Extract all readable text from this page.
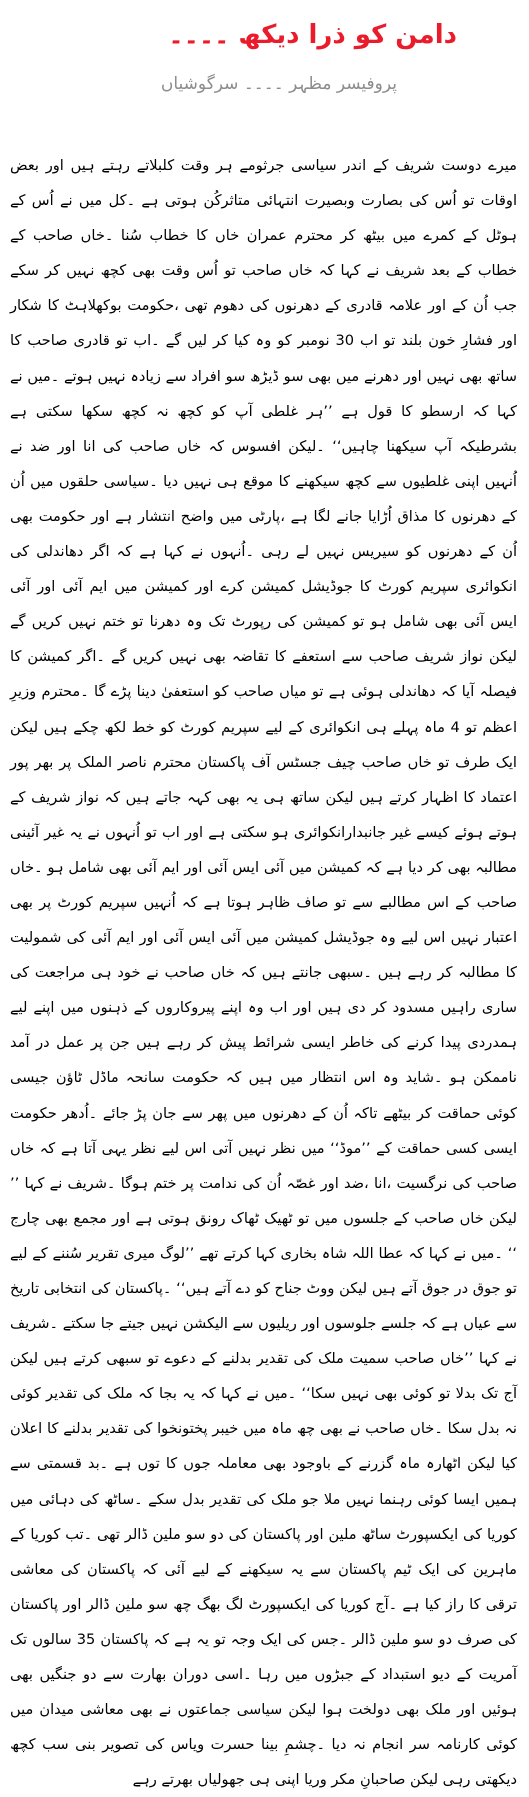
دامن کو ذرا دیکھ ۔۔۔۔
پروفیسر مظہر ۔۔۔۔ سرگوشیاں
میرے دوست شریف کے اندر سیاسی جرثومے ہر وقت کلبلاتے رہتے ہیں اور بعض اوقات تو اُس کی بصارت وبصیرت انتہائی متاثرکُن ہوتی ہے ۔کل میں نے اُس کے ہوٹل کے کمرے میں بیٹھ کر محترم عمران خاں کا خطاب سُنا ۔خاں صاحب کے خطاب کے بعد شریف نے کہا کہ خاں صاحب تو اُس وقت بھی کچھ نہیں کر سکے جب اُن کے اور علامہ قادری کے دھرنوں کی دھوم تھی ،حکومت بوکھلاہٹ کا شکار اور فشارِ خون بلند تو اب 30 نومبر کو وہ کیا کر لیں گے ۔اب تو قادری صاحب کا ساتھ بھی نہیں اور دھرنے میں بھی سو ڈیڑھ سو افراد سے زیادہ نہیں ہوتے ۔میں نے کہا کہ ارسطو کا قول ہے ’’ہر غلطی آپ کو کچھ نہ کچھ سکھا سکتی ہے بشرطیکہ آپ سیکھنا چاہیں‘‘ ۔لیکن افسوس کہ خاں صاحب کی انا اور ضد نے اُنہیں اپنی غلطیوں سے کچھ سیکھنے کا موقع ہی نہیں دیا ۔سیاسی حلقوں میں اُن کے دھرنوں کا مذاق اُڑایا جانے لگا ہے ،پارٹی میں واضح انتشار ہے اور حکومت بھی اُن کے دھرنوں کو سیریس نہیں لے رہی ۔اُنہوں نے کہا ہے کہ اگر دھاندلی کی انکوائری سپریم کورٹ کا جوڈیشل کمیشن کرے اور کمیشن میں ایم آئی اور آئی ایس آئی بھی شامل ہو تو کمیشن کی رپورٹ تک وہ دھرنا تو ختم نہیں کریں گے لیکن نواز شریف صاحب سے استعفے کا تقاضہ بھی نہیں کریں گے ۔اگر کمیشن کا فیصلہ آیا کہ دھاندلی ہوئی ہے تو میاں صاحب کو استعفیٰ دینا پڑے گا ۔محترم وزیرِ اعظم تو 4 ماہ پہلے ہی انکوائری کے لیے سپریم کورٹ کو خط لکھ چکے ہیں لیکن ایک طرف تو خاں صاحب چیف جسٹس آف پاکستان محترم ناصر الملک پر بھر پور اعتماد کا اظہار کرتے ہیں لیکن ساتھ ہی یہ بھی کہہ جاتے ہیں کہ نواز شریف کے ہوتے ہوئے کیسے غیر جانبدارانکوائری ہو سکتی ہے اور اب تو اُنہوں نے یہ غیر آئینی مطالبہ بھی کر دیا ہے کہ کمیشن میں آئی ایس آئی اور ایم آئی بھی شامل ہو ۔خاں صاحب کے اس مطالبے سے تو صاف ظاہر ہوتا ہے کہ اُنہیں سپریم کورٹ پر بھی اعتبار نہیں اس لیے وہ جوڈیشل کمیشن میں آئی ایس آئی اور ایم آئی کی شمولیت کا مطالبہ کر رہے ہیں ۔سبھی جانتے ہیں کہ خاں صاحب نے خود ہی مراجعت کی ساری راہیں مسدود کر دی ہیں اور اب وہ اپنے پیروکاروں کے ذہنوں میں اپنے لیے ہمدردی پیدا کرنے کی خاطر ایسی شرائط پیش کر رہے ہیں جن پر عمل در آمد ناممکن ہو ۔شاید وہ اس انتظار میں ہیں کہ حکومت سانحہ ماڈل ٹاؤن جیسی کوئی حماقت کر بیٹھے تاکہ اُن کے دھرنوں میں پھر سے جان پڑ جائے ۔اُدھر حکومت ایسی کسی حماقت کے ’’موڈ‘‘ میں نظر نہیں آتی اس لیے نظر یہی آتا ہے کہ خاں صاحب کی نرگسیت ،انا ،ضد اور غصّہ اُن کی ندامت پر ختم ہوگا ۔شریف نے کہا ’’ لیکن خاں صاحب کے جلسوں میں تو ٹھیک ٹھاک رونق ہوتی ہے اور مجمع بھی چارج ‘‘ ۔میں نے کہا کہ عطا اللہ شاہ بخاری کہا کرتے تھے ’’لوگ میری تقریر سُننے کے لیے تو جوق در جوق آتے ہیں لیکن ووٹ جناح کو دے آتے ہیں‘‘ ۔پاکستان کی انتخابی تاریخ سے عیاں ہے کہ جلسے جلوسوں اور ریلیوں سے الیکشن نہیں جیتے جا سکتے ۔شریف نے کہا ’’خاں صاحب سمیت ملک کی تقدیر بدلنے کے دعوے تو سبھی کرتے ہیں لیکن آج تک بدلا تو کوئی بھی نہیں سکا‘‘ ۔میں نے کہا کہ یہ بجا کہ ملک کی تقدیر کوئی نہ بدل سکا ۔خاں صاحب نے بھی چھ ماہ میں خیبر پختونخوا کی تقدیر بدلنے کا اعلان کیا لیکن اٹھارہ ماہ گزرنے کے باوجود بھی معاملہ جوں کا توں ہے ۔بد قسمتی سے ہمیں ایسا کوئی رہنما نہیں ملا جو ملک کی تقدیر بدل سکے ۔ساٹھ کی دہائی میں کوریا کی ایکسپورٹ ساٹھ ملین اور پاکستان کی دو سو ملین ڈالر تھی ۔تب کوریا کے ماہرین کی ایک ٹیم پاکستان سے یہ سیکھنے کے لیے آئی کہ پاکستان کی معاشی ترقی کا راز کیا ہے ۔آج کوریا کی ایکسپورٹ لگ بھگ چھ سو ملین ڈالر اور پاکستان کی صرف دو سو ملین ڈالر ۔جس کی ایک وجہ تو یہ ہے کہ پاکستان 35 سالوں تک آمریت کے دیو استبداد کے جبڑوں میں رہا ۔اسی دوران بھارت سے دو جنگیں بھی ہوئیں اور ملک بھی دولخت ہوا لیکن سیاسی جماعتوں نے بھی معاشی میدان میں کوئی کارنامہ سر انجام نہ دیا ۔چشمِ بینا حسرت ویاس کی تصویر بنی سب کچھ دیکھتی رہی لیکن صاحبانِ مکر وریا اپنی ہی جھولیاں بھرتے رہے
